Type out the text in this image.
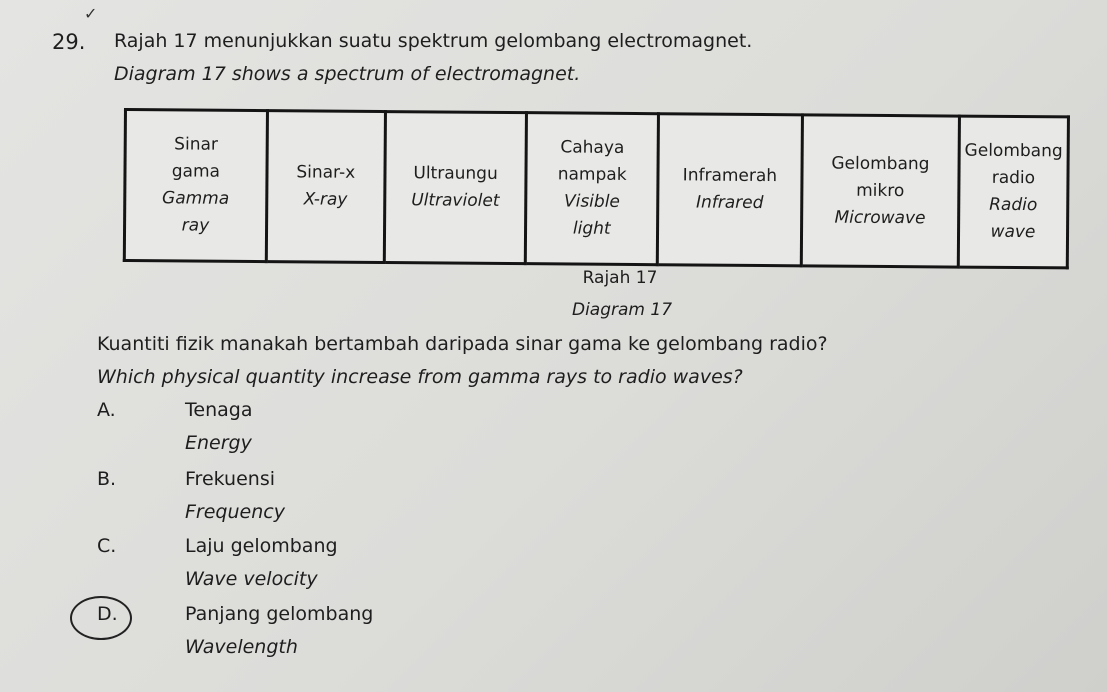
✓
29. Rajah 17 menunjukkan suatu spektrum gelombang electromagnet.
Diagram 17 shows a spectrum of electromagnet.
Sinar
gama
Gamma
ray

Sinar-x
X-ray

Ultraungu
Ultraviolet

Cahaya
nampak
Visible
light

Inframerah
Infrared

Gelombang
mikro
Microwave

Gelombang
radio
Radio wave
Rajah 17
Diagram 17
Kuantiti fizik manakah bertambah daripada sinar gama ke gelombang radio?
Which physical quantity increase from gamma rays to radio waves?
A.	Tenaga
Energy
B.	Frekuensi
Frequency
C.	Laju gelombang
Wave velocity
D.	Panjang gelombang
Wavelength
